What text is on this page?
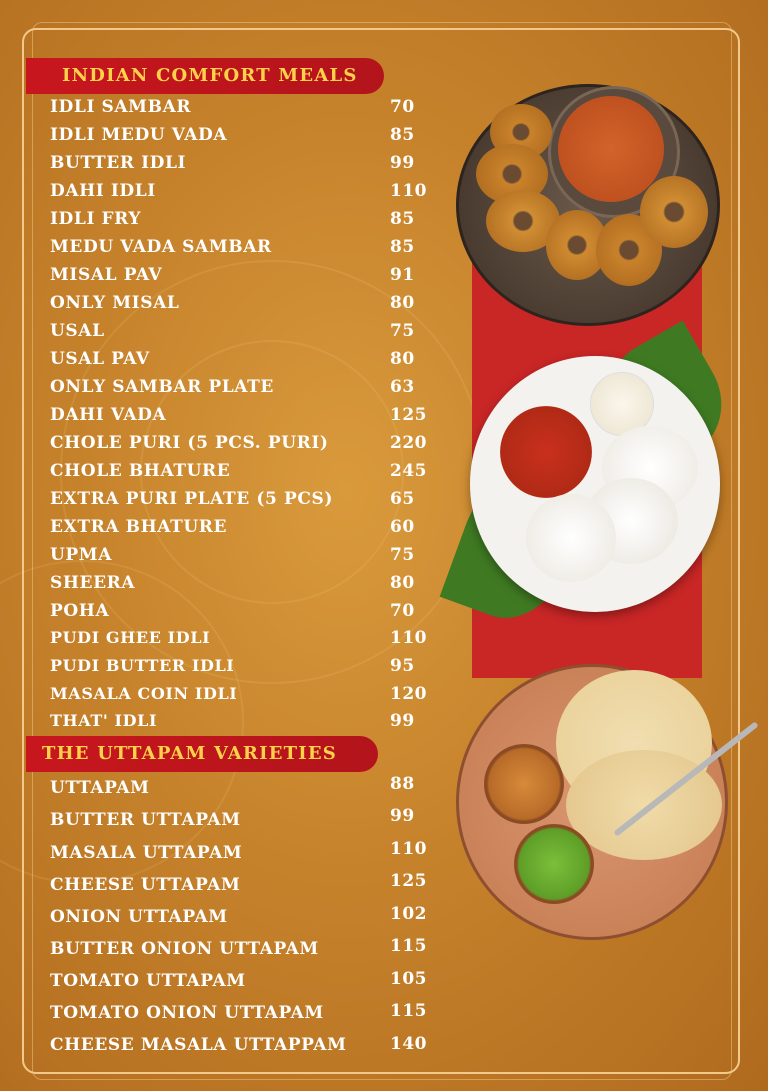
INDIAN COMFORT MEALS
IDLI SAMBAR	70
IDLI MEDU VADA	85
BUTTER IDLI	99
DAHI IDLI	110
IDLI FRY	85
MEDU VADA SAMBAR	85
MISAL PAV	91
ONLY MISAL	80
USAL	75
USAL PAV	80
ONLY SAMBAR PLATE	63
DAHI VADA	125
CHOLE PURI (5 PCS. PURI)	220
CHOLE BHATURE	245
EXTRA PURI PLATE (5 PCS)	65
EXTRA BHATURE	60
UPMA	75
SHEERA	80
POHA	70
PUDI GHEE IDLI	110
PUDI BUTTER IDLI	95
MASALA COIN IDLI	120
THAT' IDLI	99
THE UTTAPAM VARIETIES
UTTAPAM	88
BUTTER UTTAPAM	99
MASALA UTTAPAM	110
CHEESE UTTAPAM	125
ONION UTTAPAM	102
BUTTER ONION UTTAPAM	115
TOMATO UTTAPAM	105
TOMATO ONION UTTAPAM	115
CHEESE MASALA UTTAPPAM	140
